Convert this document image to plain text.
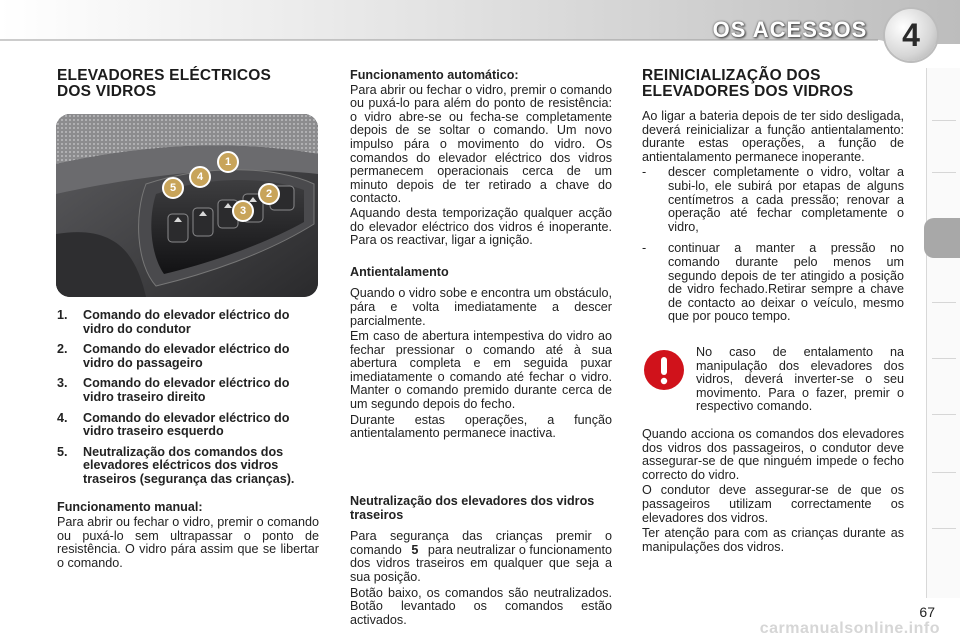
OS ACESSOS	4
ELEVADORES ELÉCTRICOS DOS VIDROS
1
2
3
4
5
1.	Comando do elevador eléctrico do vidro do condutor
2.	Comando do elevador eléctrico do vidro do passageiro
3.	Comando do elevador eléctrico do vidro traseiro direito
4.	Comando do elevador eléctrico do vidro traseiro esquerdo
5.	Neutralização dos comandos dos elevadores eléctricos dos vidros traseiros (segurança das crianças).

Funcionamento manual:

Para abrir ou fechar o vidro, premir o comando ou puxá-lo sem ultrapassar o ponto de resistência. O vidro pára assim que se libertar o comando.

Funcionamento automático:

Para abrir ou fechar o vidro, premir o comando ou puxá-lo para além do ponto de resistência: o vidro abre-se ou fecha-se completamente depois de se soltar o comando. Um novo impulso pára o movimento do vidro. Os comandos do elevador eléctrico dos vidros permanecem operacionais cerca de um minuto depois de ter retirado a chave do contacto.

Aquando desta temporização qualquer acção do elevador eléctrico dos vidros é inoperante. Para os reactivar, ligar a ignição.

Antientalamento

Quando o vidro sobe e encontra um obstáculo, pára e volta imediatamente a descer parcialmente.

Em caso de abertura intempestiva do vidro ao fechar pressionar o comando até à sua abertura completa e em seguida puxar imediatamente o comando até fechar o vidro. Manter o comando premido durante cerca de um segundo depois do fecho.

Durante estas operações, a função antientalamento permanece inactiva.

Neutralização dos elevadores dos vidros traseiros

Para segurança das crianças premir o comando 5 para neutralizar o funcionamento dos vidros traseiros em qualquer que seja a sua posição.

Botão baixo, os comandos são neutralizados. Botão levantado os comandos estão activados.

REINICIALIZAÇÃO DOS ELEVADORES DOS VIDROS

Ao ligar a bateria depois de ter sido desligada, deverá reinicializar a função antientalamento: durante estas operações, a função de antientalamento permanece inoperante.

-	descer completamente o vidro, voltar a subi-lo, ele subirá por etapas de alguns centímetros a cada pressão; renovar a operação até fechar completamente o vidro,
-	continuar a manter a pressão no comando durante pelo menos um segundo depois de ter atingido a posição de vidro fechado.Retirar sempre a chave de contacto ao deixar o veículo, mesmo que por pouco tempo.

No caso de entalamento na manipulação dos elevadores dos vidros, deverá inverter-se o seu movimento. Para o fazer, premir o respectivo comando.

Quando acciona os comandos dos elevadores dos vidros dos passageiros, o condutor deve assegurar-se de que ninguém impede o fecho correcto do vidro.

O condutor deve assegurar-se de que os passageiros utilizam correctamente os elevadores dos vidros.

Ter atenção para com as crianças durante as manipulações dos vidros.

67
carmanualsonline.info
